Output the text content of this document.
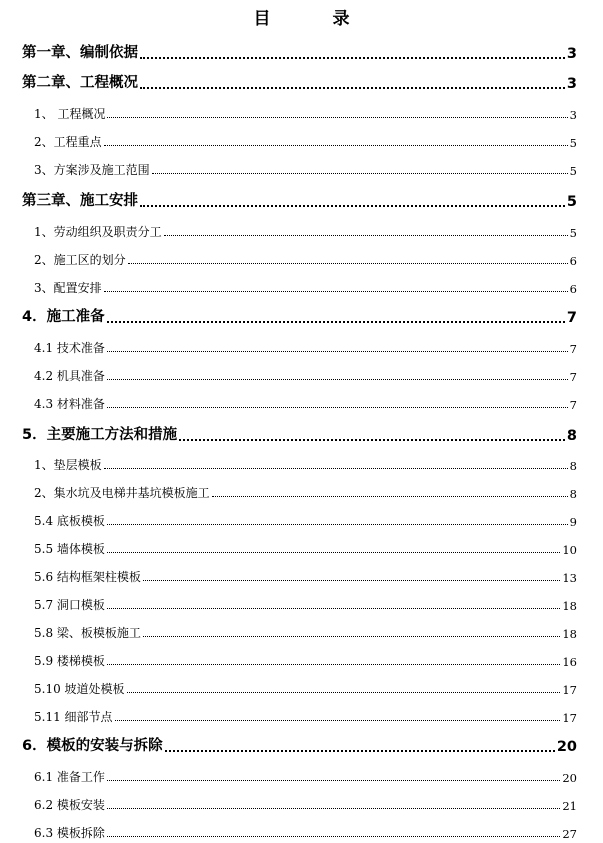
目 录
第一章、编制依据	3
第二章、工程概况	3
1、 工程概况	3
2、工程重点	5
3、方案涉及施工范围	5
第三章、施工安排	5
1、劳动组织及职责分工	5
2、施工区的划分	6
3、配置安排	6
4．施工准备	7
4.1 技术准备	7
4.2 机具准备	7
4.3 材料准备	7
5．主要施工方法和措施	8
1、垫层模板	8
2、集水坑及电梯井基坑模板施工	8
5.4 底板模板	9
5.5 墙体模板	10
5.6 结构框架柱模板	13
5.7 洞口模板	18
5.8 梁、板模板施工	18
5.9 楼梯模板	16
5.10 坡道处模板	17
5.11 细部节点	17
6．模板的安装与拆除	20
6.1 准备工作	20
6.2 模板安装	21
6.3 模板拆除	27
